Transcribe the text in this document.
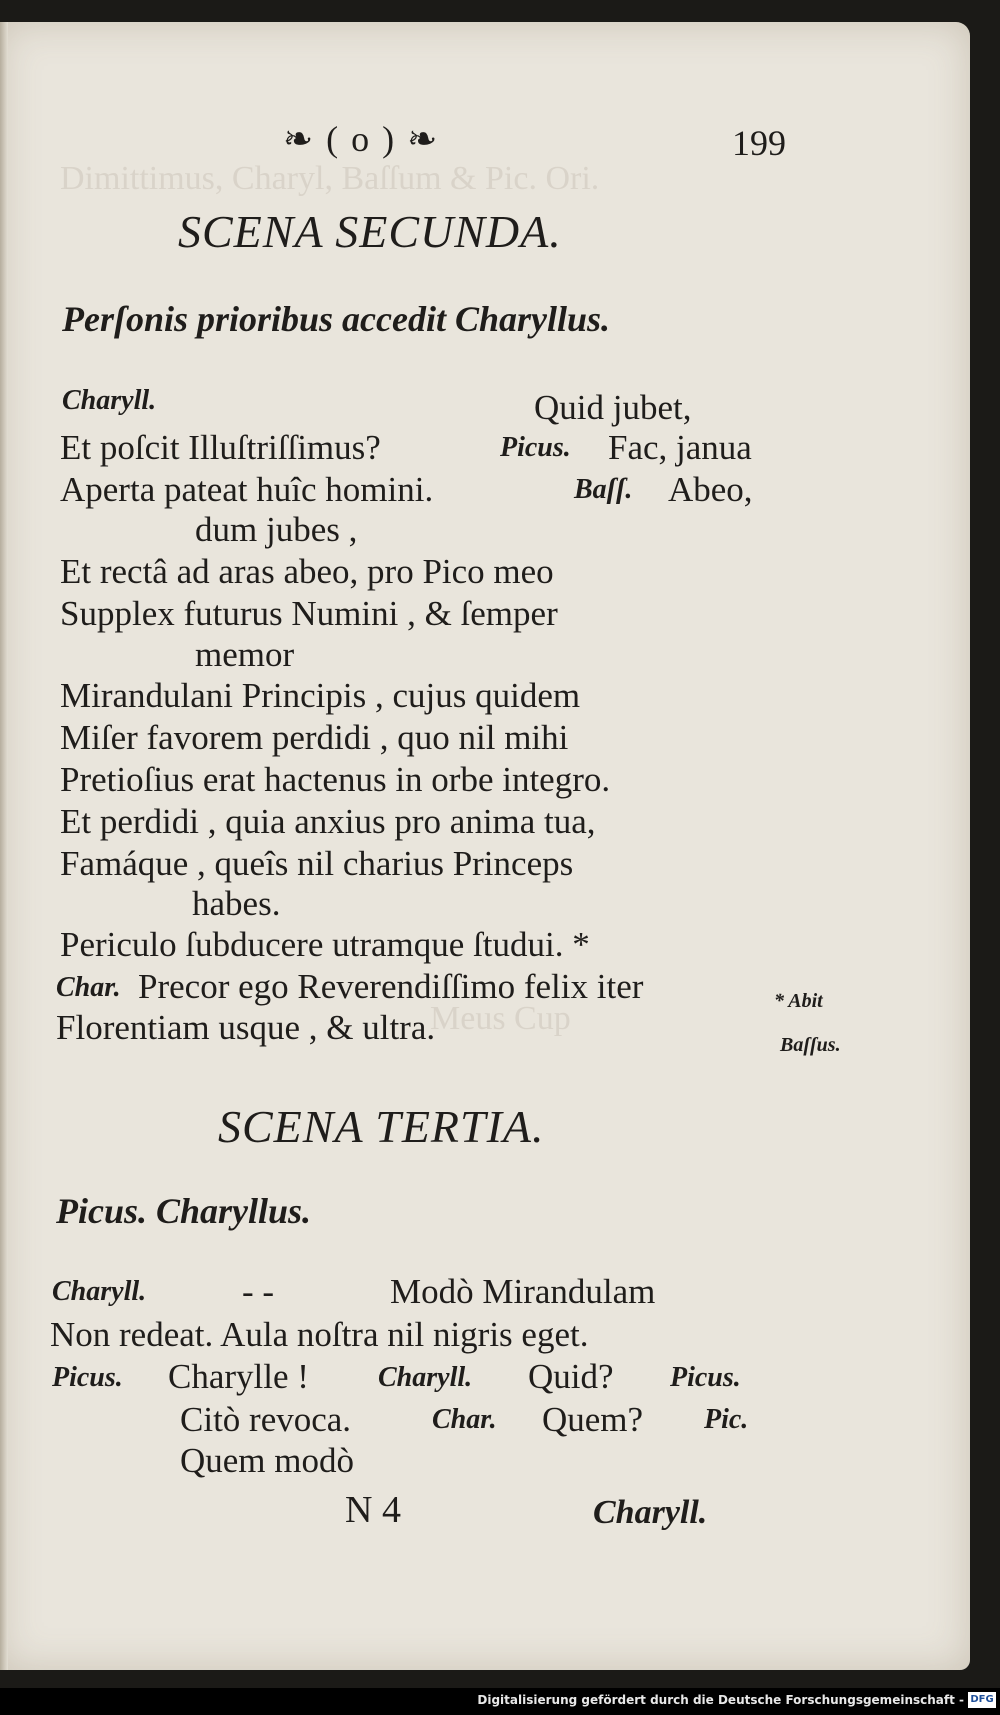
Dimittimus, Charyl, Baſſum & Pic. Ori.
Meus Cup
❧ ( o ) ❧	199
SCENA SECUNDA.
Perſonis prioribus accedit Charyllus.
Charyll.	Quid jubet,
Et poſcit Illuſtriſſimus?	Picus. Fac, janua
Aperta pateat huîc homini.	Baſſ. Abeo,
dum jubes ,
Et rectâ ad aras abeo, pro Pico meo
Supplex futurus Numini , & ſemper
memor
Mirandulani Principis , cujus quidem
Miſer favorem perdidi , quo nil mihi
Pretioſius erat hactenus in orbe integro.
Et perdidi , quia anxius pro anima tua,
Famáque , queîs nil charius Princeps
habes.
Periculo ſubducere utramque ſtudui. *
Char. Precor ego Reverendiſſimo felix iter
Florentiam usque , & ultra.
* Abit
Baſſus.
SCENA TERTIA.
Picus. Charyllus.
Charyll.	- -	Modò Mirandulam
Non redeat. Aula noſtra nil nigris eget.
Picus. Charylle ! Charyll. Quid? Picus.
Citò revoca.	Char. Quem? Pic.
Quem modò
N 4	Charyll.
Digitalisierung gefördert durch die Deutsche Forschungsgemeinschaft - DFG
